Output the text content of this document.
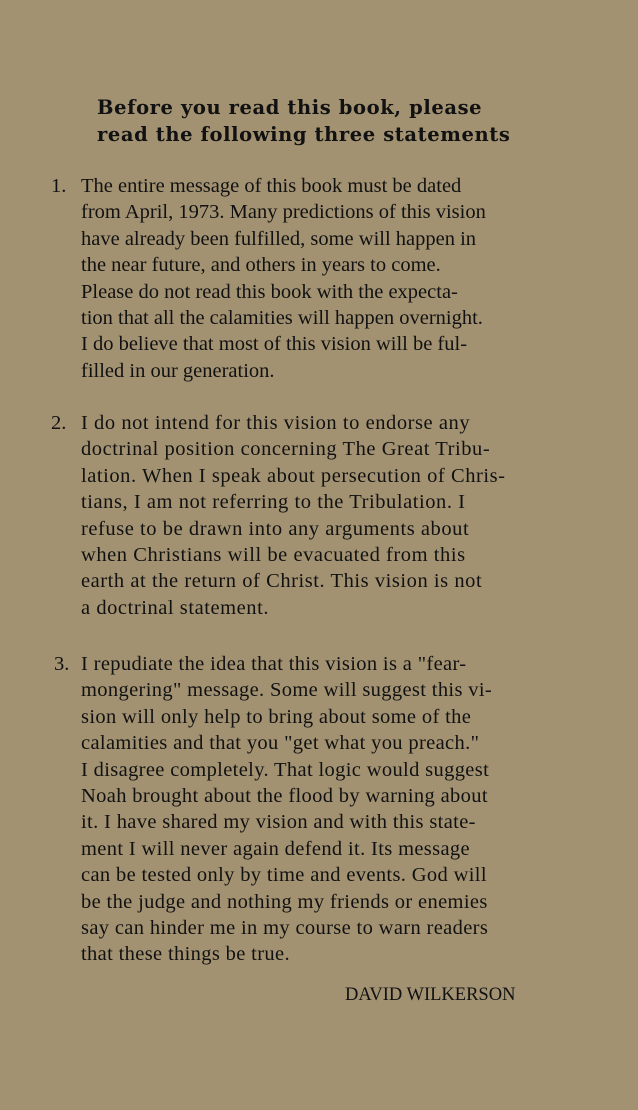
Before you read this book, please
read the following three statements
1. The entire message of this book must be dated
from April, 1973. Many predictions of this vision
have already been fulfilled, some will happen in
the near future, and others in years to come.
Please do not read this book with the expecta-
tion that all the calamities will happen overnight.
I do believe that most of this vision will be ful-
filled in our generation.
2. I do not intend for this vision to endorse any
doctrinal position concerning The Great Tribu-
lation. When I speak about persecution of Chris-
tians, I am not referring to the Tribulation. I
refuse to be drawn into any arguments about
when Christians will be evacuated from this
earth at the return of Christ. This vision is not
a doctrinal statement.
3. I repudiate the idea that this vision is a "fear-
mongering" message. Some will suggest this vi-
sion will only help to bring about some of the
calamities and that you "get what you preach."
I disagree completely. That logic would suggest
Noah brought about the flood by warning about
it. I have shared my vision and with this state-
ment I will never again defend it. Its message
can be tested only by time and events. God will
be the judge and nothing my friends or enemies
say can hinder me in my course to warn readers
that these things be true.
DAVID WILKERSON
